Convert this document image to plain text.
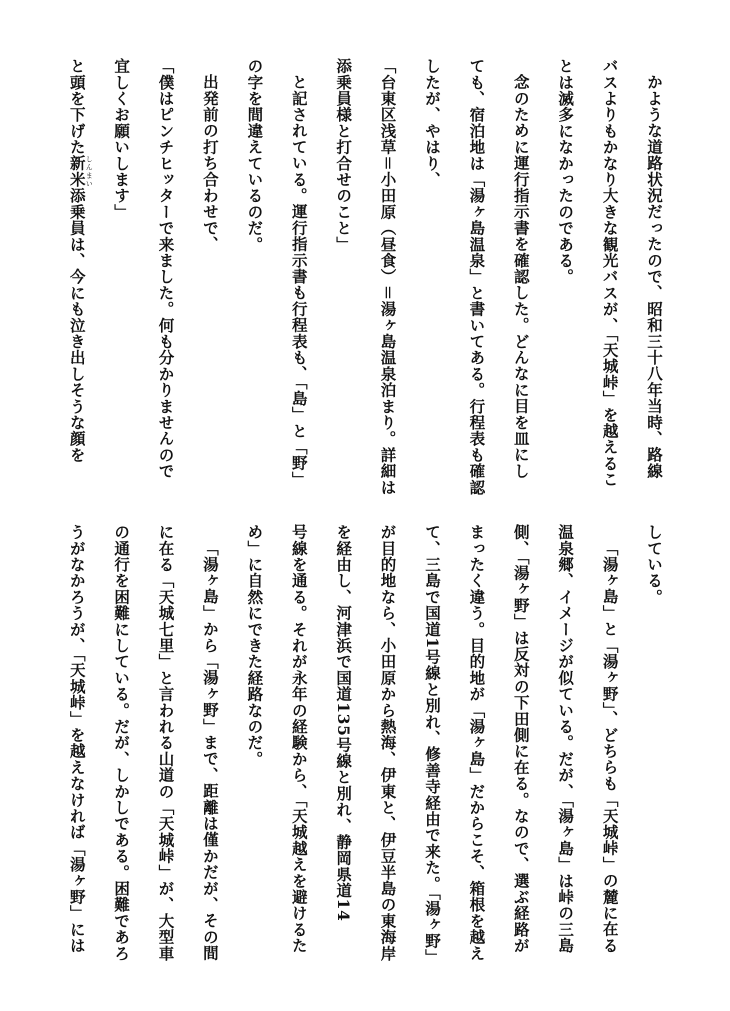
かような道路状況だったので、昭和三十八年当時、路線
バスよりもかなり大きな観光バスが、「天城峠」を越えるこ
とは滅多になかったのである。
念のために運行指示書を確認した。どんなに目を皿にし
ても、宿泊地は「湯ヶ島温泉」と書いてある。行程表も確認
したが、やはり、
「台東区浅草＝小田原（昼食）＝湯ヶ島温泉泊まり。詳細は
添乗員様と打合せのこと」
と記されている。運行指示書も行程表も、「島」と「野」
の字を間違えているのだ。
出発前の打ち合わせで、
「僕はピンチヒッターで来ました。何も分かりませんので
宜しくお願いします」
と頭を下げた新米しんまい添乗員は、今にも泣き出しそうな顔を
している。
「湯ヶ島」と「湯ヶ野」、どちらも「天城峠」の麓に在る
温泉郷、イメージが似ている。だが、「湯ヶ島」は峠の三島
側、「湯ヶ野」は反対の下田側に在る。なので、選ぶ経路が
まったく違う。目的地が「湯ヶ島」だからこそ、箱根を越え
て、三島で国道1号線と別れ、修善寺経由で来た。「湯ヶ野」
が目的地なら、小田原から熱海、伊東と、伊豆半島の東海岸
を経由し、河津浜で国道135号線と別れ、静岡県道14
号線を通る。それが永年の経験から、「天城越えを避けるた
め」に自然にできた経路なのだ。
「湯ヶ島」から「湯ヶ野」まで、距離は僅かだが、その間
に在る「天城七里」と言われる山道の「天城峠」が、大型車
の通行を困難にしている。だが、しかしである。困難であろ
うがなかろうが、「天城峠」を越えなければ「湯ヶ野」には
